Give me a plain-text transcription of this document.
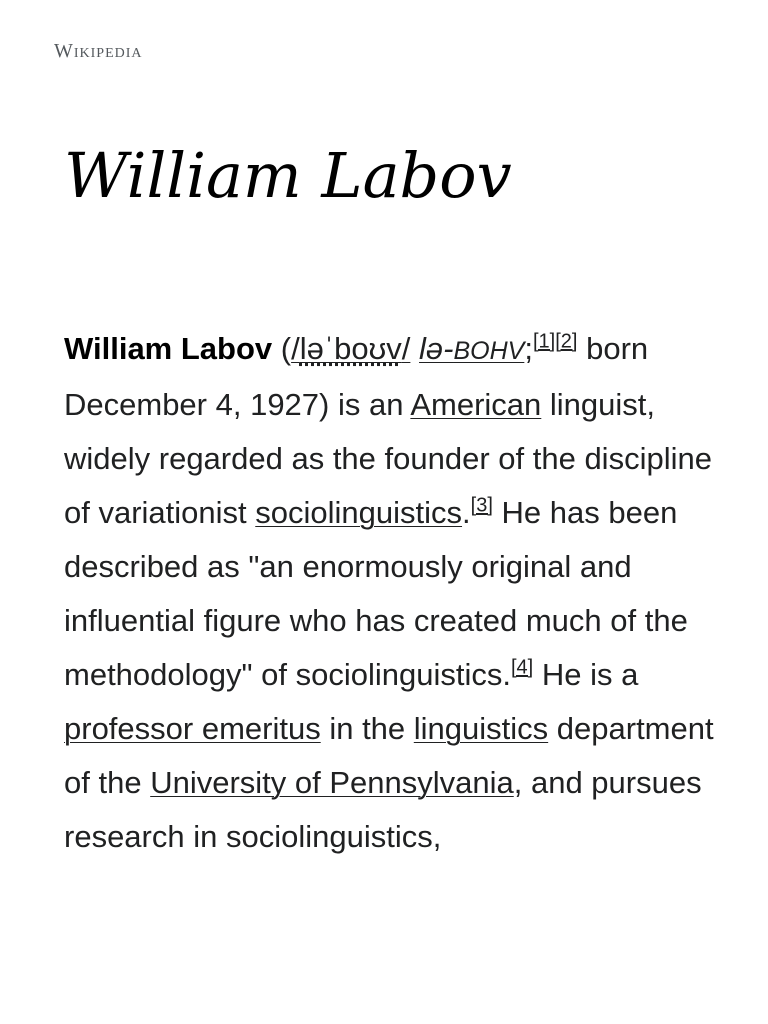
Wikipedia
William Labov

William Labov (/ləˈboʊv/ lə-BOHV;[1][2] born December 4, 1927) is an American linguist, widely regarded as the founder of the discipline of variationist sociolinguistics.[3] He has been described as "an enormously original and influential figure who has created much of the methodology" of sociolinguistics.[4] He is a professor emeritus in the linguistics department of the University of Pennsylvania, and pursues research in sociolinguistics,
